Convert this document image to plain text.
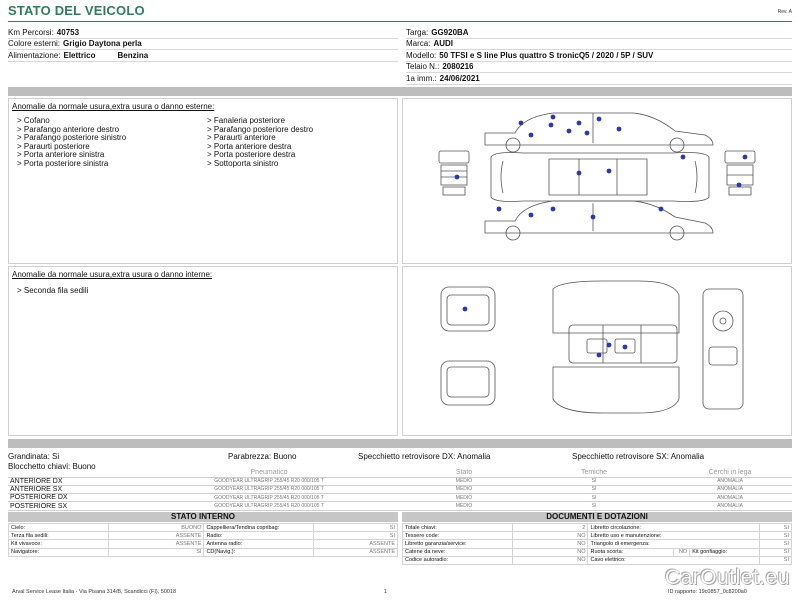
STATO DEL VEICOLO	Rev. A
Km Percorsi: 40753
Colore esterni: Grigio Daytona perla
Alimentazione: Elettrico	Benzina
Targa: GG920BA
Marca: AUDI
Modello: 50 TFSI e S line Plus quattro S tronicQ5 / 2020 / 5P / SUV
Telaio N.: 2080216
1a imm.: 24/06/2021
Anomalie da normale usura,extra usura o danno esterne:
> Cofano
> Parafango anteriore destro
> Parafango posteriore sinistro
> Paraurti posteriore
> Porta anteriore sinistra
> Porta posteriore sinistra
> Fanaleria posteriore
> Parafango posteriore destro
> Paraurti anteriore
> Porta anteriore destra
> Porta posteriore destra
> Sottoporta sinistro
Anomalie da normale usura,extra usura o danno interne:
> Seconda fila sedili
Grandinata: Si	Parabrezza: Buono	Specchietto retrovisore DX: Anomalia	Specchietto retrovisore SX: Anomalia
Blocchetto chiavi: Buono
	Pneumatico	Stato	Temiche		Cerchi in lega
ANTERIORE DX	GOODYEAR ULTRAGRIP 255/45 R20 000/105 T	MEDIO	SI		ANOMALIA
ANTERIORE SX	GOODYEAR ULTRAGRIP 255/45 R20 000/105 T	MEDIO	SI		ANOMALIA
POSTERIORE DX	GOODYEAR ULTRAGRIP 255/45 R20 000/105 T	MEDIO	SI		ANOMALIA
POSTERIORE SX	GOODYEAR ULTRAGRIP 255/45 R20 000/105 T	MEDIO	SI		ANOMALIA
STATO INTERNO
Cielo:	BUONO	Cappelliera/Tendina copribag:	SI
Terza fila sedili:	ASSENTE	Radio:	SI
Kit vivavoce:	ASSENTE	Antenna radio:	ASSENTE
Navigatore:	SI	CD(Navig.):	ASSENTE
DOCUMENTI E DOTAZIONI
Totale chiavi:	2	Libretto circolazione:			SI
Tessere code:	NO	Libretto uso e manutenzione:			SI
Libretto garanzia/service:	NO	Triangolo di emergenza:			SI
Catene da neve:	NO	Ruota scorta:	NO	Kit gonfiaggio:	SI
Codice autoradio:	NO	Cavo elettrico:			SI
Arval Service Lease Italia - Via Pisana 314/B, Scandicci (FI), 50018	1	ID rapporto: 19c0857_0c8200a0
CarOutlet.eu
